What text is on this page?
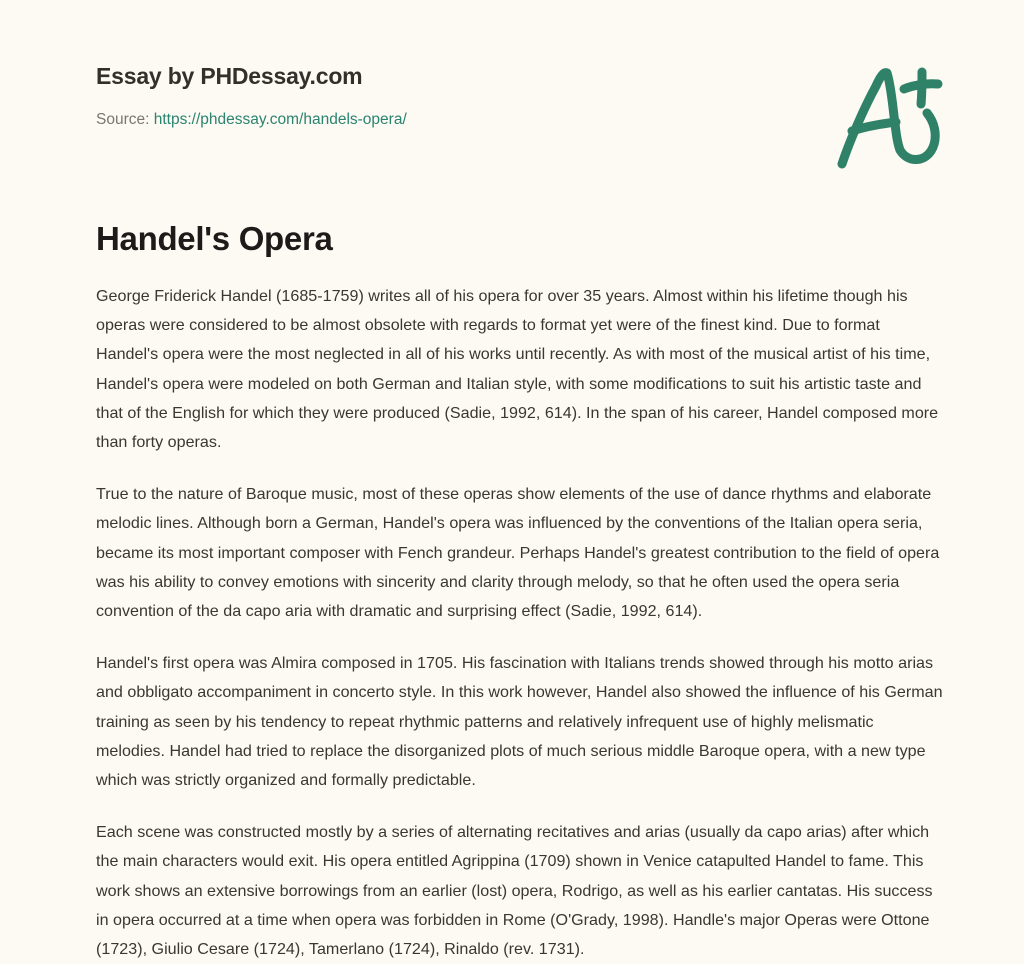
Essay by PHDessay.com
Source: https://phdessay.com/handels-opera/
Handel's Opera

George Friderick Handel (1685-1759) writes all of his opera for over 35 years. Almost within his lifetime though his operas were considered to be almost obsolete with regards to format yet were of the finest kind. Due to format Handel's opera were the most neglected in all of his works until recently. As with most of the musical artist of his time, Handel's opera were modeled on both German and Italian style, with some modifications to suit his artistic taste and that of the English for which they were produced (Sadie, 1992, 614). In the span of his career, Handel composed more than forty operas.

True to the nature of Baroque music, most of these operas show elements of the use of dance rhythms and elaborate melodic lines. Although born a German, Handel's opera was influenced by the conventions of the Italian opera seria, became its most important composer with Fench grandeur. Perhaps Handel's greatest contribution to the field of opera was his ability to convey emotions with sincerity and clarity through melody, so that he often used the opera seria convention of the da capo aria with dramatic and surprising effect (Sadie, 1992, 614).

Handel's first opera was Almira composed in 1705. His fascination with Italians trends showed through his motto arias and obbligato accompaniment in concerto style. In this work however, Handel also showed the influence of his German training as seen by his tendency to repeat rhythmic patterns and relatively infrequent use of highly melismatic melodies. Handel had tried to replace the disorganized plots of much serious middle Baroque opera, with a new type which was strictly organized and formally predictable.

Each scene was constructed mostly by a series of alternating recitatives and arias (usually da capo arias) after which the main characters would exit. His opera entitled Agrippina (1709) shown in Venice catapulted Handel to fame. This work shows an extensive borrowings from an earlier (lost) opera, Rodrigo, as well as his earlier cantatas. His success in opera occurred at a time when opera was forbidden in Rome (O'Grady, 1998). Handle's major Operas were Ottone (1723), Giulio Cesare (1724), Tamerlano (1724), Rinaldo (rev. 1731).
